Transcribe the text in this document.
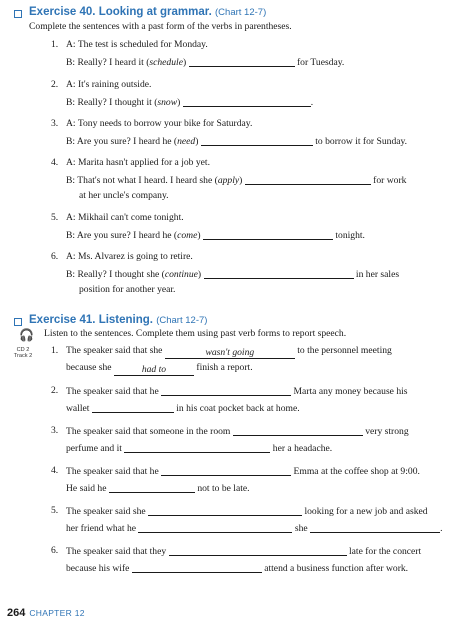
Exercise 40. Looking at grammar. (Chart 12-7)
Complete the sentences with a past form of the verbs in parentheses.
1. A: The test is scheduled for Monday.
B: Really? I heard it (schedule)	for Tuesday.
2. A: It's raining outside.
B: Really? I thought it (snow)	.
3. A: Tony needs to borrow your bike for Saturday.
B: Are you sure? I heard he (need)	to borrow it for Sunday.
4. A: Marita hasn't applied for a job yet.
B: That's not what I heard. I heard she (apply)	for work
at her uncle's company.
5. A: Mikhail can't come tonight.
B: Are you sure? I heard he (come)	tonight.
6. A: Ms. Alvarez is going to retire.
B: Really? I thought she (continue)	in her sales
position for another year.
Exercise 41. Listening. (Chart 12-7)
🎧 Listen to the sentences. Complete them using past verb forms to report speech.
CD 2
Track 2 1. The speaker said that she	wasn't going	to the personnel meeting
because she	had to	finish a report.
2. The speaker said that he	Marta any money because his
wallet	in his coat pocket back at home.
3. The speaker said that someone in the room	very strong
perfume and it	her a headache.
4. The speaker said that he	Emma at the coffee shop at 9:00.
He said he	not to be late.
5. The speaker said she	looking for a new job and asked
her friend what he	she	.
6. The speaker said that they	late for the concert
because his wife	attend a business function after work.
264 CHAPTER 12
